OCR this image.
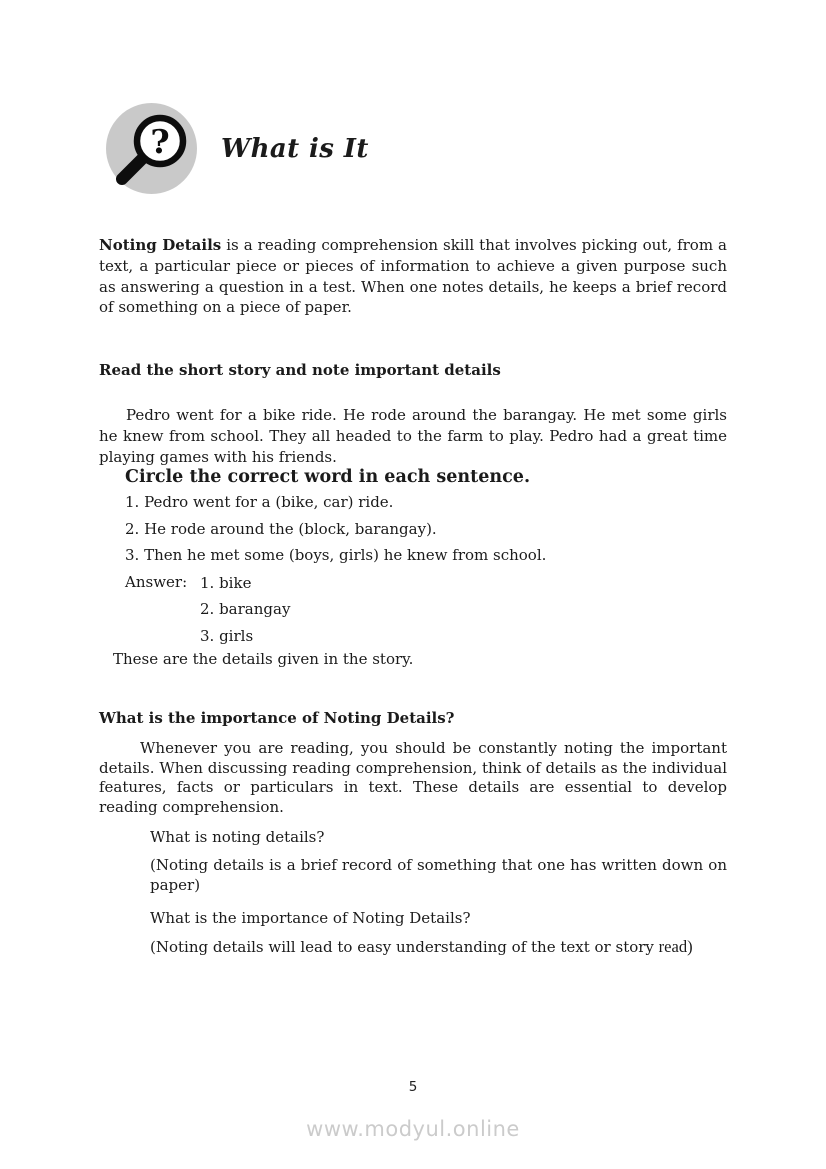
? What is It

Noting Details is a reading comprehension skill that involves picking out, from a text, a particular piece or pieces of information to achieve a given purpose such as answering a question in a test. When one notes details, he keeps a brief record of something on a piece of paper.

Read the short story and note important details

Pedro went for a bike ride. He rode around the barangay. He met some girls he knew from school. They all headed to the farm to play. Pedro had a great time playing games with his friends.

Circle the correct word in each sentence.

1. Pedro went for a (bike, car) ride.

2. He rode around the (block, barangay).

3. Then he met some (boys, girls) he knew from school.

Answer: 1. bike
2. barangay
3. girls

These are the details given in the story.

What is the importance of Noting Details?

Whenever you are reading, you should be constantly noting the important details. When discussing reading comprehension, think of details as the individual features, facts or particulars in text. These details are essential to develop reading comprehension.

What is noting details?

(Noting details is a brief record of something that one has written down on paper)

What is the importance of Noting Details?

(Noting details will lead to easy understanding of the text or story read)

5
www.modyul.online
